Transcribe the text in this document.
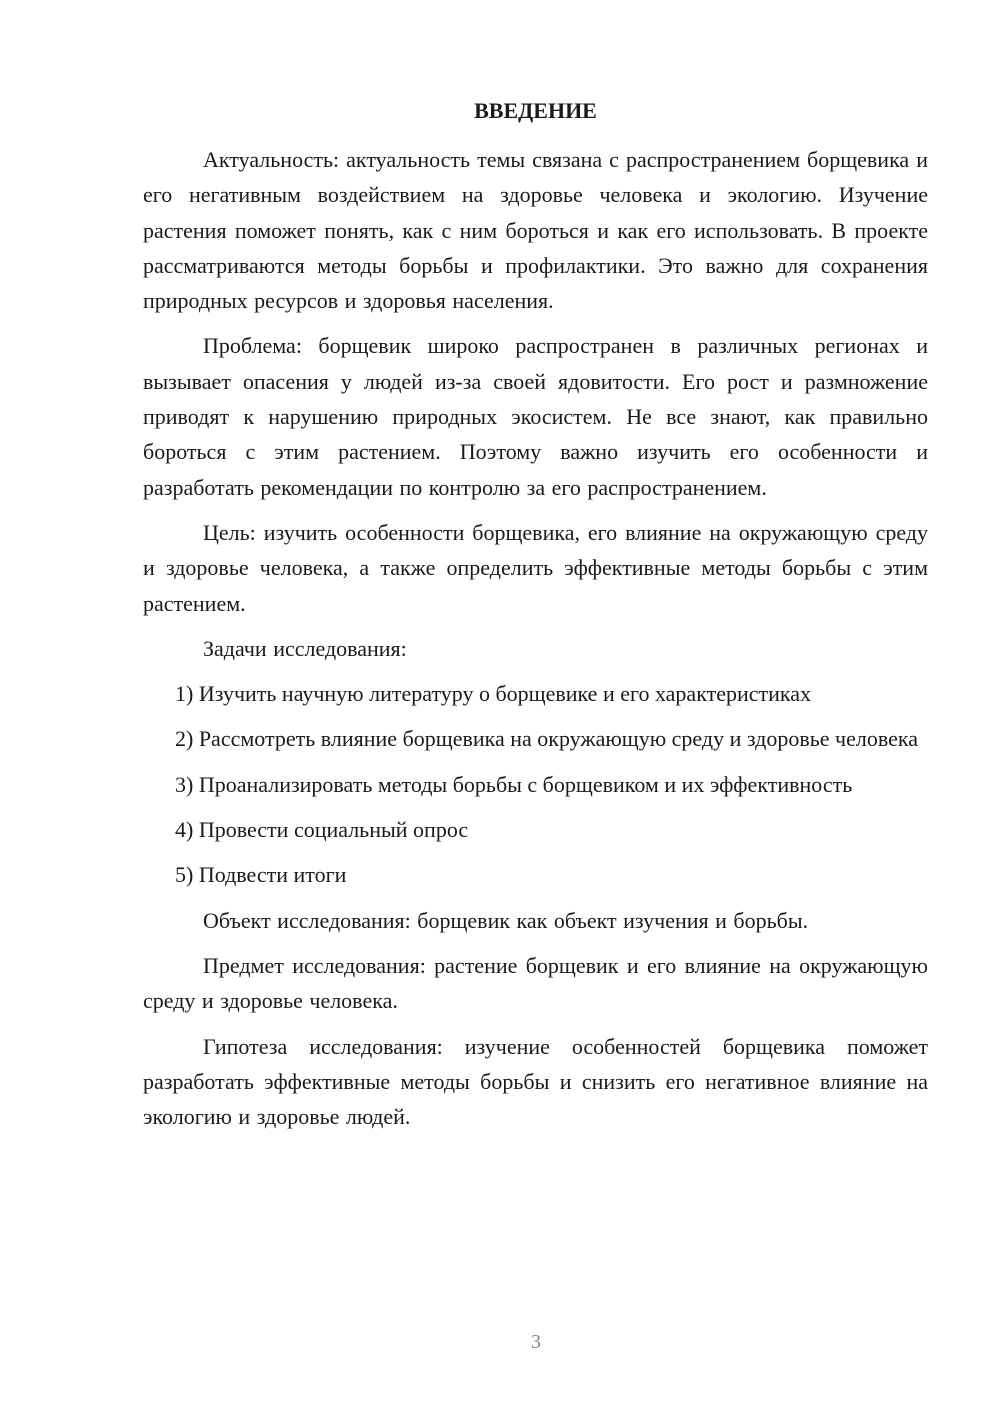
ВВЕДЕНИЕ

Актуальность: актуальность темы связана с распространением борщевика и его негативным воздействием на здоровье человека и экологию. Изучение растения поможет понять, как с ним бороться и как его использовать. В проекте рассматриваются методы борьбы и профилактики. Это важно для сохранения природных ресурсов и здоровья населения.

Проблема: борщевик широко распространен в различных регионах и вызывает опасения у людей из-за своей ядовитости. Его рост и размножение приводят к нарушению природных экосистем. Не все знают, как правильно бороться с этим растением. Поэтому важно изучить его особенности и разработать рекомендации по контролю за его распространением.

Цель: изучить особенности борщевика, его влияние на окружающую среду и здоровье человека, а также определить эффективные методы борьбы с этим растением.

Задачи исследования:

1) Изучить научную литературу о борщевике и его характеристиках

2) Рассмотреть влияние борщевика на окружающую среду и здоровье человека

3) Проанализировать методы борьбы с борщевиком и их эффективность

4) Провести социальный опрос

5) Подвести итоги

Объект исследования: борщевик как объект изучения и борьбы.

Предмет исследования: растение борщевик и его влияние на окружающую среду и здоровье человека.

Гипотеза исследования: изучение особенностей борщевика поможет разработать эффективные методы борьбы и снизить его негативное влияние на экологию и здоровье людей.

3
